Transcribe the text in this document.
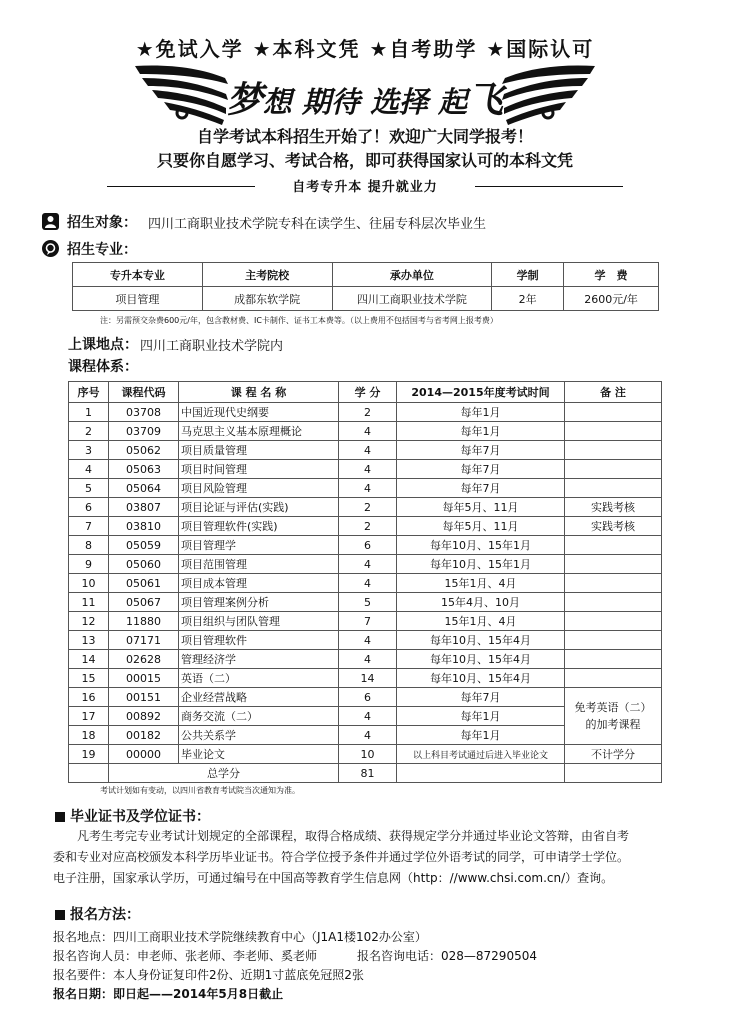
★免试入学 ★本科文凭 ★自考助学 ★国际认可
梦想 期待 选择 起飞
自学考试本科招生开始了！欢迎广大同学报考！
只要你自愿学习、考试合格，即可获得国家认可的本科文凭
自考专升本 提升就业力
招生对象： 四川工商职业技术学院专科在读学生、往届专科层次毕业生
招生专业：
专升本专业	主考院校	承办单位	学制	学　费
项目管理	成都东软学院	四川工商职业技术学院	2年	2600元/年
注：另需预交杂费600元/年，包含教材费、IC卡制作、证书工本费等。（以上费用不包括国考与省考网上报考费）
上课地点： 四川工商职业技术学院内
课程体系：
序号	课程代码	课 程 名 称	学 分	2014—2015年度考试时间	备 注
1	03708	中国近现代史纲要	2	每年1月	
2	03709	马克思主义基本原理概论	4	每年1月	
3	05062	项目质量管理	4	每年7月	
4	05063	项目时间管理	4	每年7月	
5	05064	项目风险管理	4	每年7月	
6	03807	项目论证与评估(实践)	2	每年5月、11月	实践考核
7	03810	项目管理软件(实践)	2	每年5月、11月	实践考核
8	05059	项目管理学	6	每年10月、15年1月	
9	05060	项目范围管理	4	每年10月、15年1月	
10	05061	项目成本管理	4	15年1月、4月	
11	05067	项目管理案例分析	5	15年4月、10月	
12	11880	项目组织与团队管理	7	15年1月、4月	
13	07171	项目管理软件	4	每年10月、15年4月	
14	02628	管理经济学	4	每年10月、15年4月	
15	00015	英语（二）	14	每年10月、15年4月	
16	00151	企业经营战略	6	每年7月	免考英语（二）
的加考课程

17	00892	商务交流（二）	4	每年1月	
18	00182	公共关系学	4	每年1月	
19	00000	毕业论文	10	以上科目考试通过后进入毕业论文	不计学分
	总学分		81		
考试计划如有变动，以四川省教育考试院当次通知为准。
毕业证书及学位证书：
凡考生考完专业考试计划规定的全部课程，取得合格成绩、获得规定学分并通过毕业论文答辩，由省自考
委和专业对应高校颁发本科学历毕业证书。符合学位授予条件并通过学位外语考试的同学，可申请学士学位。
电子注册，国家承认学历，可通过编号在中国高等教育学生信息网（http：//www.chsi.com.cn/）查询。
报名方法：
报名地点：四川工商职业技术学院继续教育中心（J1A1楼102办公室）
报名咨询人员：申老师、张老师、李老师、奚老师	报名咨询电话：028—87290504
报名要件：本人身份证复印件2份、近期1寸蓝底免冠照2张
报名日期：即日起——2014年5月8日截止
